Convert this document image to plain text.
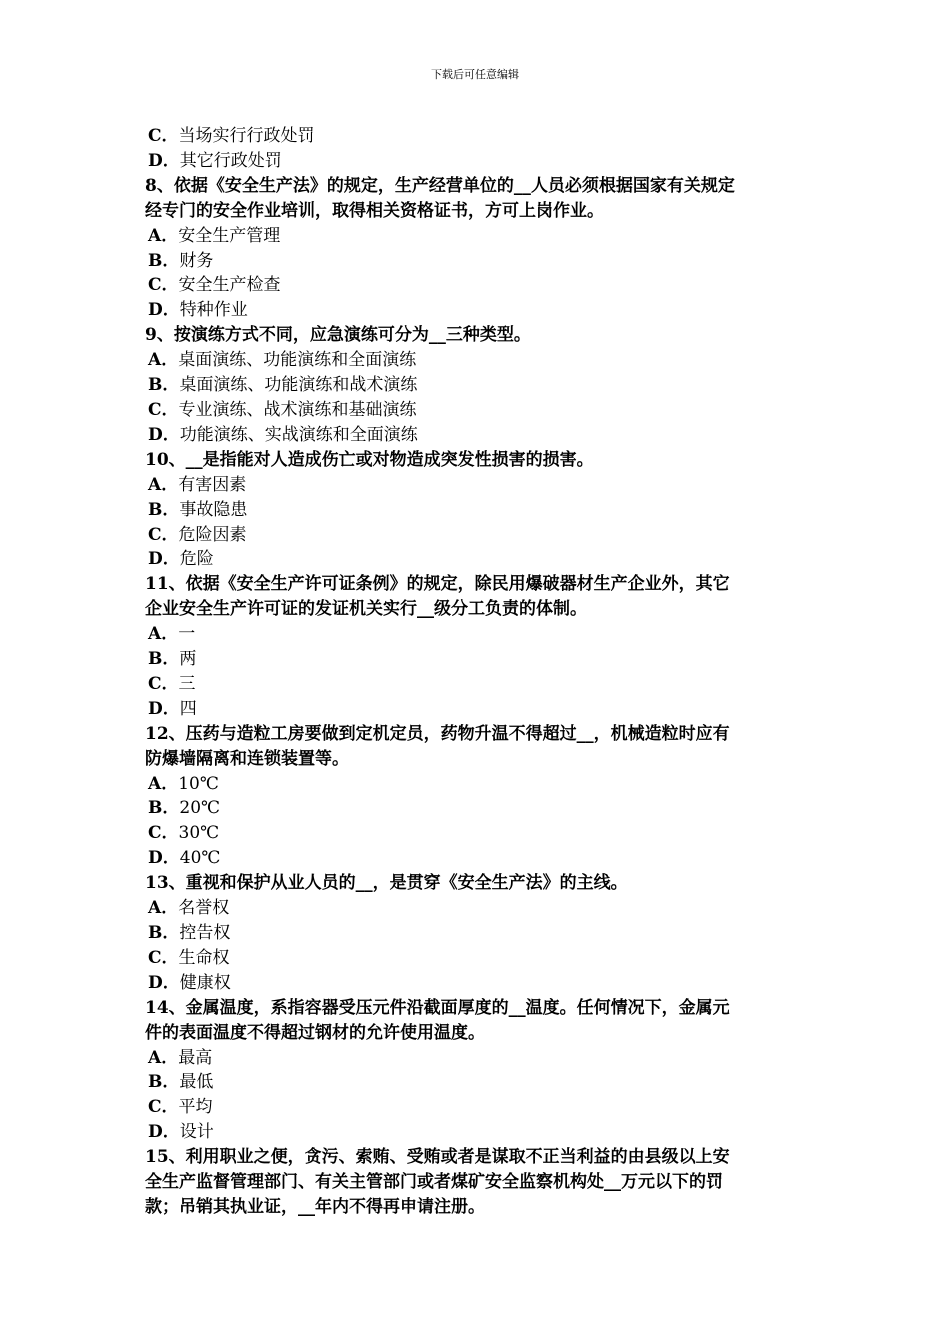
下载后可任意编辑
C．当场实行行政处罚
D．其它行政处罚
8、依据《安全生产法》的规定，生产经营单位的__人员必须根据国家有关规定
经专门的安全作业培训，取得相关资格证书，方可上岗作业。
A．安全生产管理
B．财务
C．安全生产检查
D．特种作业
9、按演练方式不同，应急演练可分为__三种类型。
A．桌面演练、功能演练和全面演练
B．桌面演练、功能演练和战术演练
C．专业演练、战术演练和基础演练
D．功能演练、实战演练和全面演练
10、__是指能对人造成伤亡或对物造成突发性损害的损害。
A．有害因素
B．事故隐患
C．危险因素
D．危险
11、依据《安全生产许可证条例》的规定，除民用爆破器材生产企业外，其它
企业安全生产许可证的发证机关实行__级分工负责的体制。
A．一
B．两
C．三
D．四
12、压药与造粒工房要做到定机定员，药物升温不得超过__，机械造粒时应有
防爆墙隔离和连锁装置等。
A．10℃
B．20℃
C．30℃
D．40℃
13、重视和保护从业人员的__，是贯穿《安全生产法》的主线。
A．名誉权
B．控告权
C．生命权
D．健康权
14、金属温度，系指容器受压元件沿截面厚度的__温度。任何情况下，金属元
件的表面温度不得超过钢材的允许使用温度。
A．最高
B．最低
C．平均
D．设计
15、利用职业之便，贪污、索贿、受贿或者是谋取不正当利益的由县级以上安
全生产监督管理部门、有关主管部门或者煤矿安全监察机构处__万元以下的罚
款；吊销其执业证，__年内不得再申请注册。
